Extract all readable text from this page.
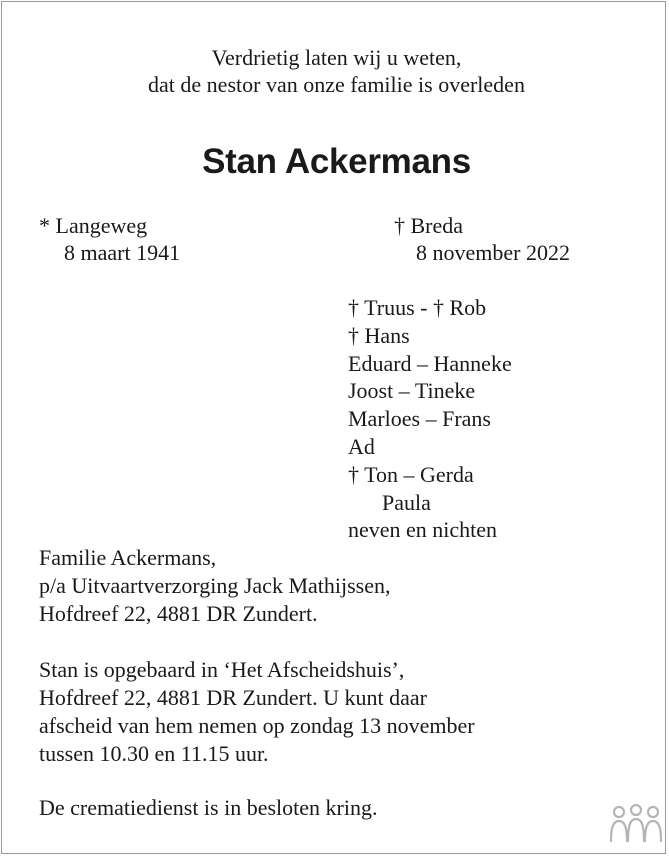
Verdrietig laten wij u weten,
dat de nestor van onze familie is overleden
Stan Ackermans
* Langeweg
8 maart 1941
† Breda
8 november 2022
† Truus - † Rob
† Hans
Eduard – Hanneke
Joost – Tineke
Marloes – Frans
Ad
† Ton – Gerda
Paula
neven en nichten
Familie Ackermans,
p/a Uitvaartverzorging Jack Mathijssen,
Hofdreef 22, 4881 DR Zundert.
Stan is opgebaard in ‘Het Afscheidshuis’,
Hofdreef 22, 4881 DR Zundert. U kunt daar
afscheid van hem nemen op zondag 13 november
tussen 10.30 en 11.15 uur.
De crematiedienst is in besloten kring.
